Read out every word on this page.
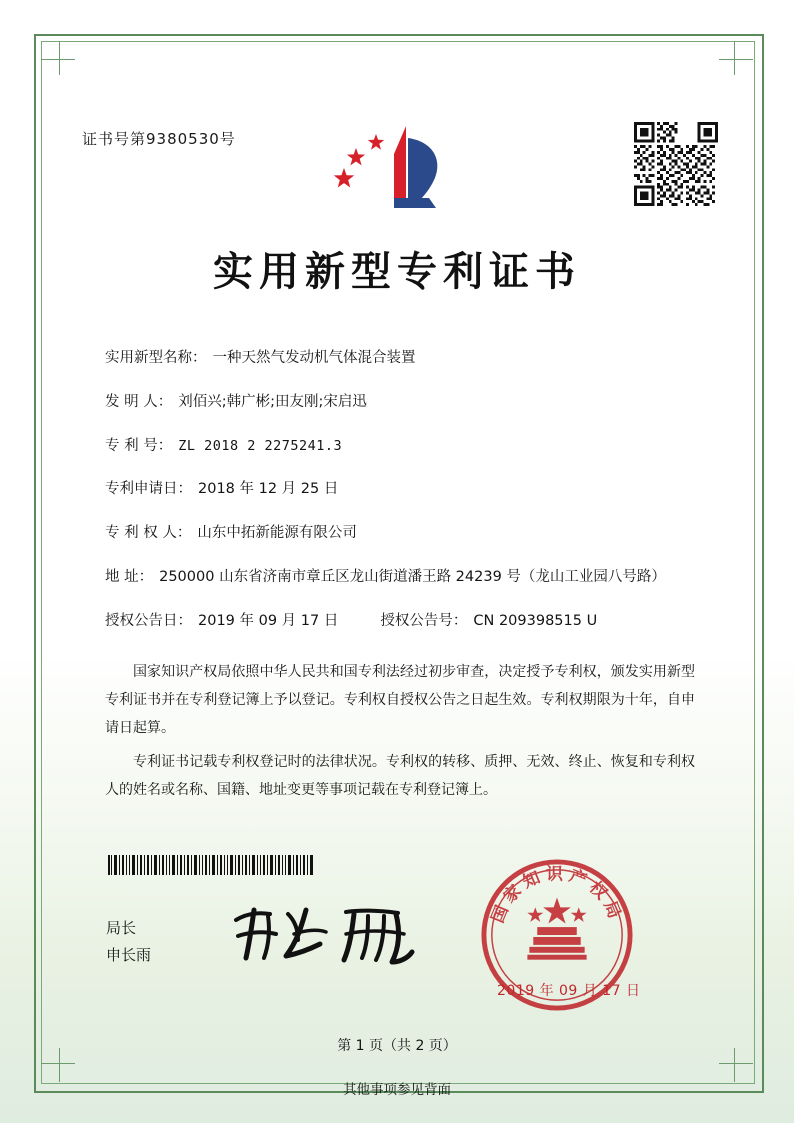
证书号第9380530号
实用新型专利证书
实用新型名称： 一种天然气发动机气体混合装置
发 明 人： 刘佰兴;韩广彬;田友刚;宋启迅
专 利 号： ZL 2018 2 2275241.3
专利申请日： 2018 年 12 月 25 日
专 利 权 人： 山东中拓新能源有限公司
地 址： 250000 山东省济南市章丘区龙山街道潘王路 24239 号（龙山工业园八号路）
授权公告日： 2019 年 09 月 17 日	授权公告号： CN 209398515 U

国家知识产权局依照中华人民共和国专利法经过初步审查，决定授予专利权，颁发实用新型专利证书并在专利登记簿上予以登记。专利权自授权公告之日起生效。专利权期限为十年，自申请日起算。

专利证书记载专利权登记时的法律状况。专利权的转移、质押、无效、终止、恢复和专利权人的姓名或名称、国籍、地址变更等事项记载在专利登记簿上。

局长
申长雨
国家知识产权局
2019 年 09 月 17 日
第 1 页（共 2 页）
其他事项参见背面
